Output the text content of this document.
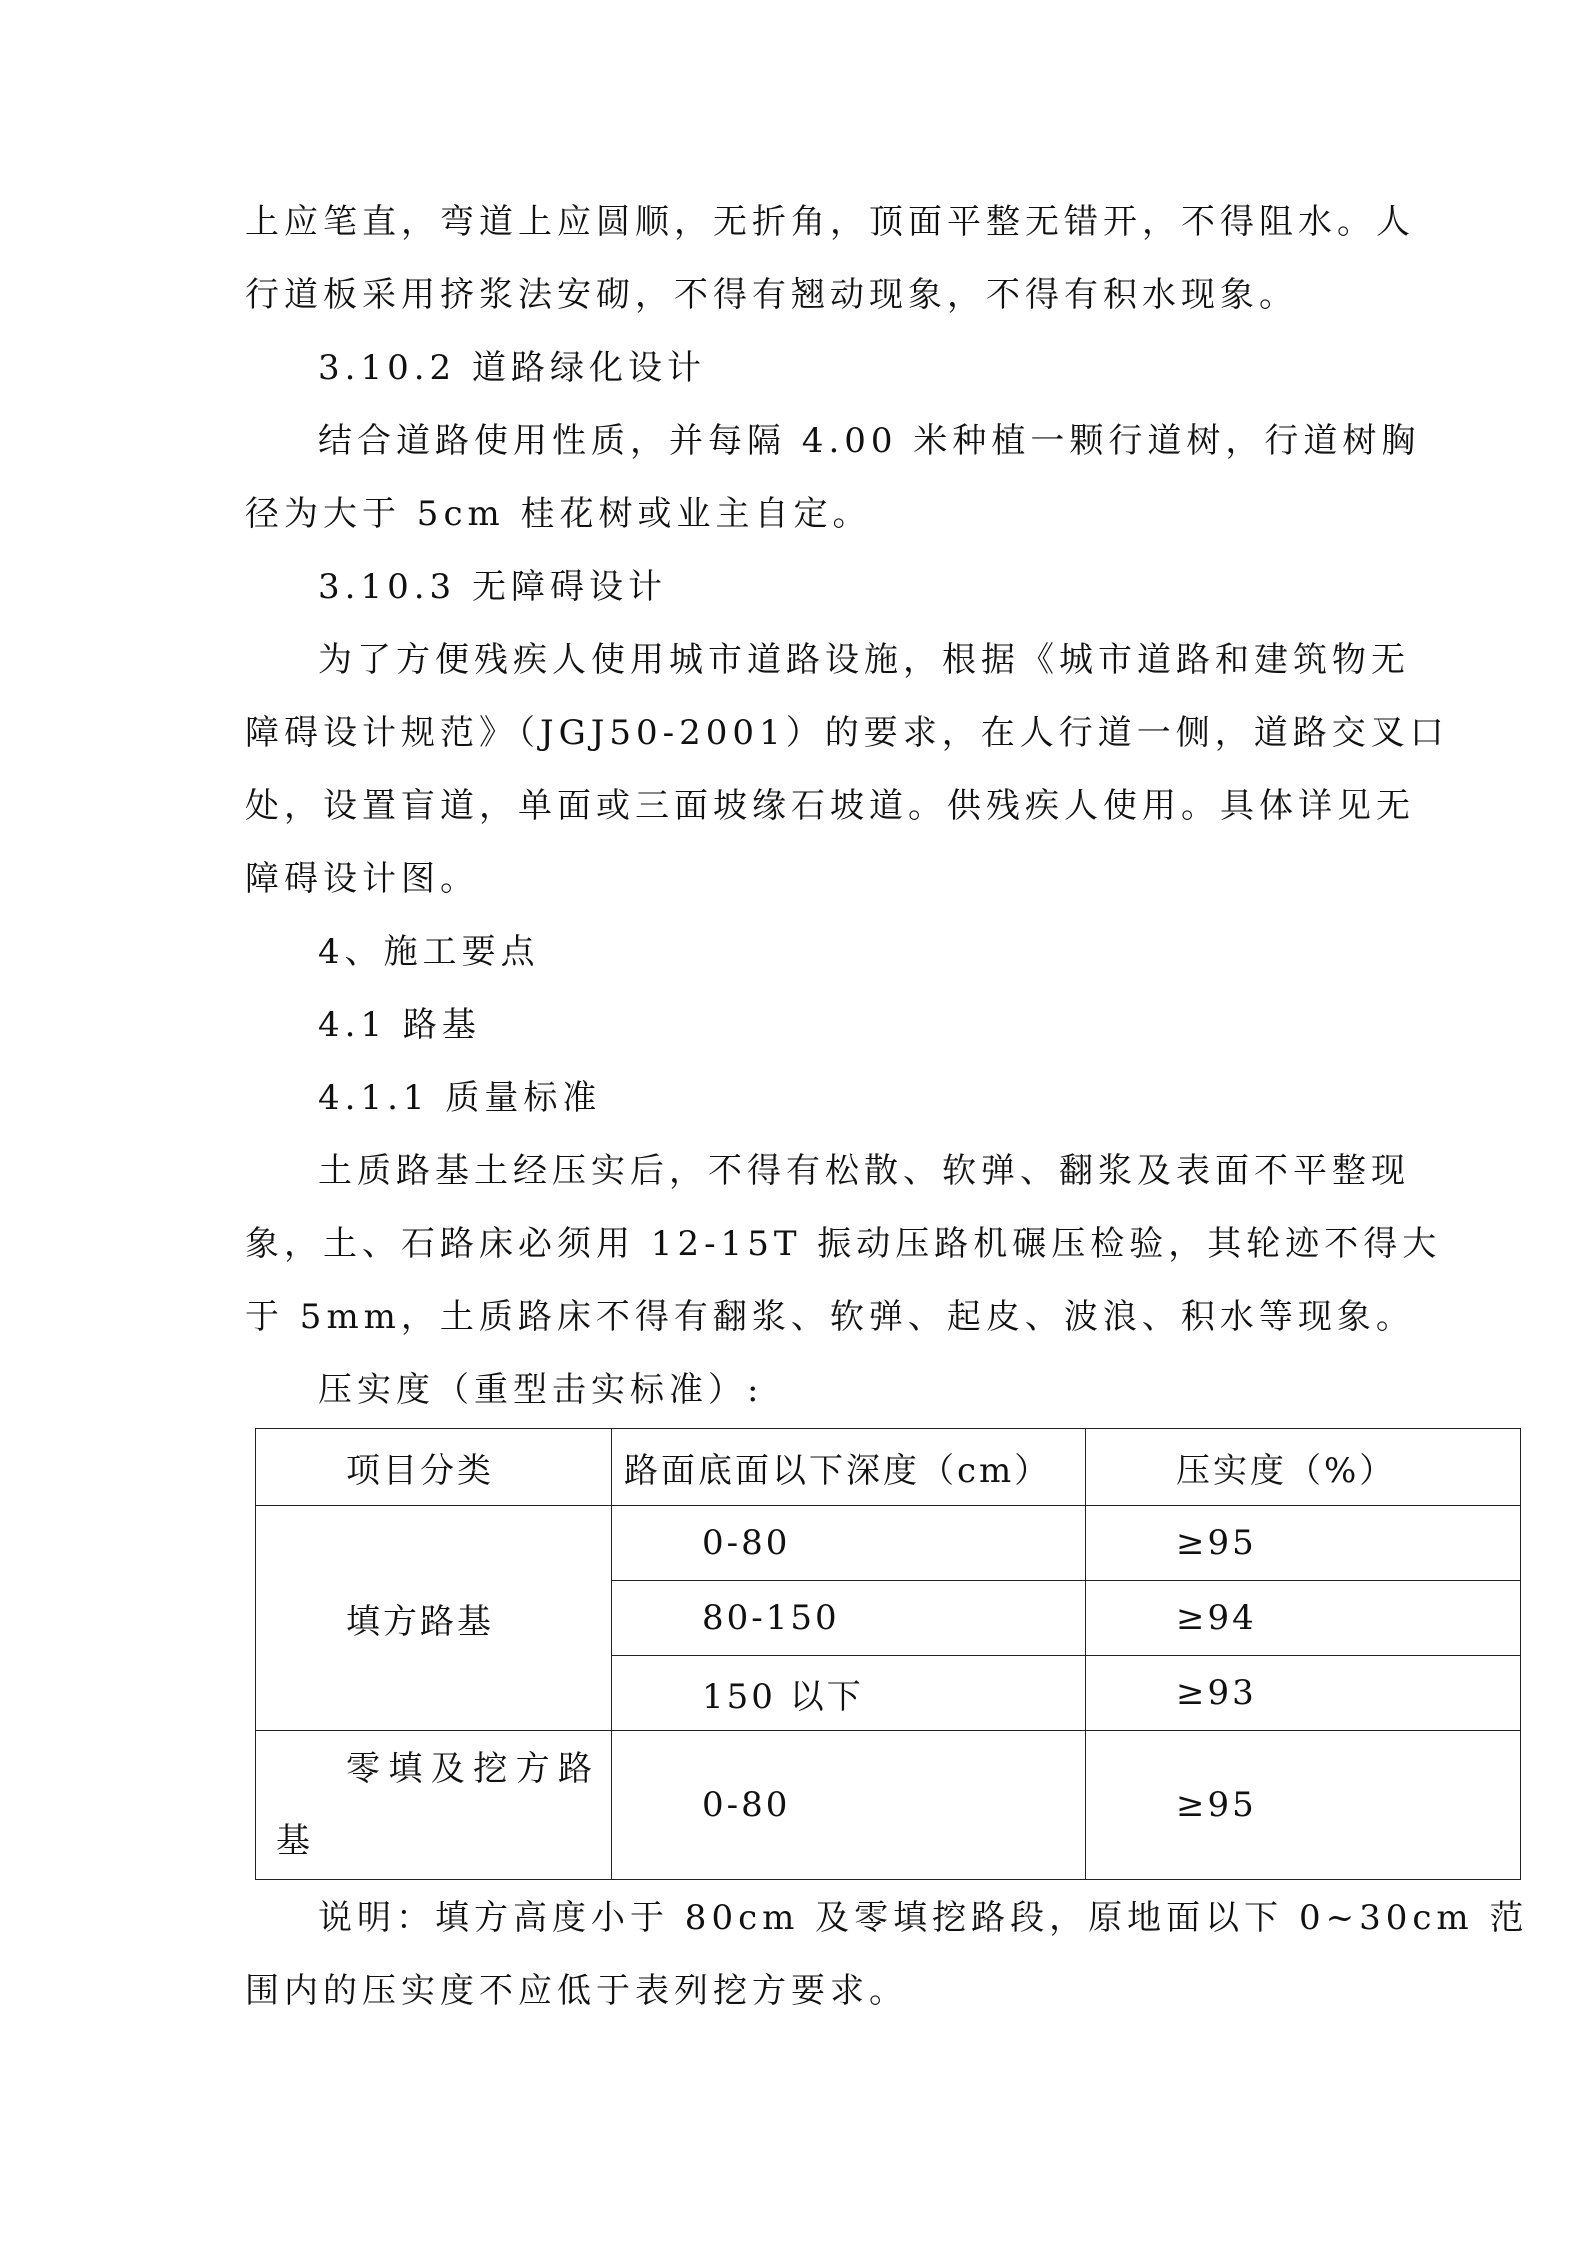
上应笔直，弯道上应圆顺，无折角，顶面平整无错开，不得阻水。人
行道板采用挤浆法安砌，不得有翘动现象，不得有积水现象。
3.10.2 道路绿化设计
结合道路使用性质，并每隔 4.00 米种植一颗行道树，行道树胸
径为大于 5cm 桂花树或业主自定。
3.10.3 无障碍设计
为了方便残疾人使用城市道路设施，根据《城市道路和建筑物无
障碍设计规范》（JGJ50-2001）的要求，在人行道一侧，道路交叉口
处，设置盲道，单面或三面坡缘石坡道。供残疾人使用。具体详见无
障碍设计图。
4、施工要点
4.1 路基
4.1.1 质量标准
土质路基土经压实后，不得有松散、软弹、翻浆及表面不平整现
象，土、石路床必须用 12-15T 振动压路机碾压检验，其轮迹不得大
于 5mm，土质路床不得有翻浆、软弹、起皮、波浪、积水等现象。
压实度（重型击实标准）:
项目分类	路面底面以下深度（cm）	压实度（%）
填方路基	0-80	≥95
	80-150	≥94
	150 以下	≥93

零填及挖方路
基	0-80	≥95
说明：填方高度小于 80cm 及零填挖路段，原地面以下 0~30cm 范
围内的压实度不应低于表列挖方要求。
